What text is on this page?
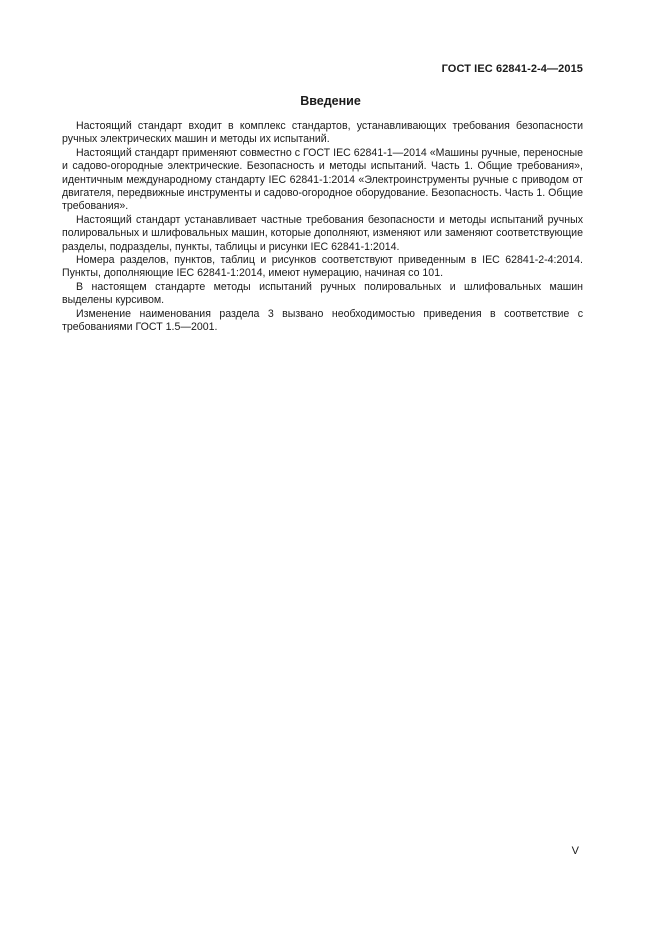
ГОСТ IEC 62841-2-4—2015
Введение

Настоящий стандарт входит в комплекс стандартов, устанавливающих требования безопасности ручных электрических машин и методы их испытаний.

Настоящий стандарт применяют совместно с ГОСТ IEC 62841-1—2014 «Машины ручные, переносные и садово-огородные электрические. Безопасность и методы испытаний. Часть 1. Общие требования», идентичным международному стандарту IEC 62841-1:2014 «Электроинструменты ручные с приводом от двигателя, передвижные инструменты и садово-огородное оборудование. Безопасность. Часть 1. Общие требования».

Настоящий стандарт устанавливает частные требования безопасности и методы испытаний ручных полировальных и шлифовальных машин, которые дополняют, изменяют или заменяют соответствующие разделы, подразделы, пункты, таблицы и рисунки IEC 62841-1:2014.

Номера разделов, пунктов, таблиц и рисунков соответствуют приведенным в IEC 62841-2-4:2014. Пункты, дополняющие IEC 62841-1:2014, имеют нумерацию, начиная со 101.

В настоящем стандарте методы испытаний ручных полировальных и шлифовальных машин выделены курсивом.

Изменение наименования раздела 3 вызвано необходимостью приведения в соответствие с требованиями ГОСТ 1.5—2001.

V
